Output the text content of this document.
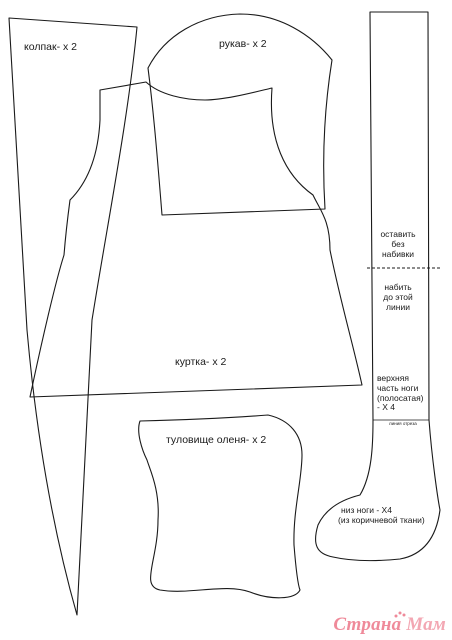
колпак- х 2	рукав- х 2
куртка- х 2
туловище оленя- х 2
оставить
без
набивки
набить
до этой
линии
верхняя
часть ноги
(полосатая)
- Х 4
линия отреза
низ ноги - Х4
(из коричневой ткани)
Страна Мам
